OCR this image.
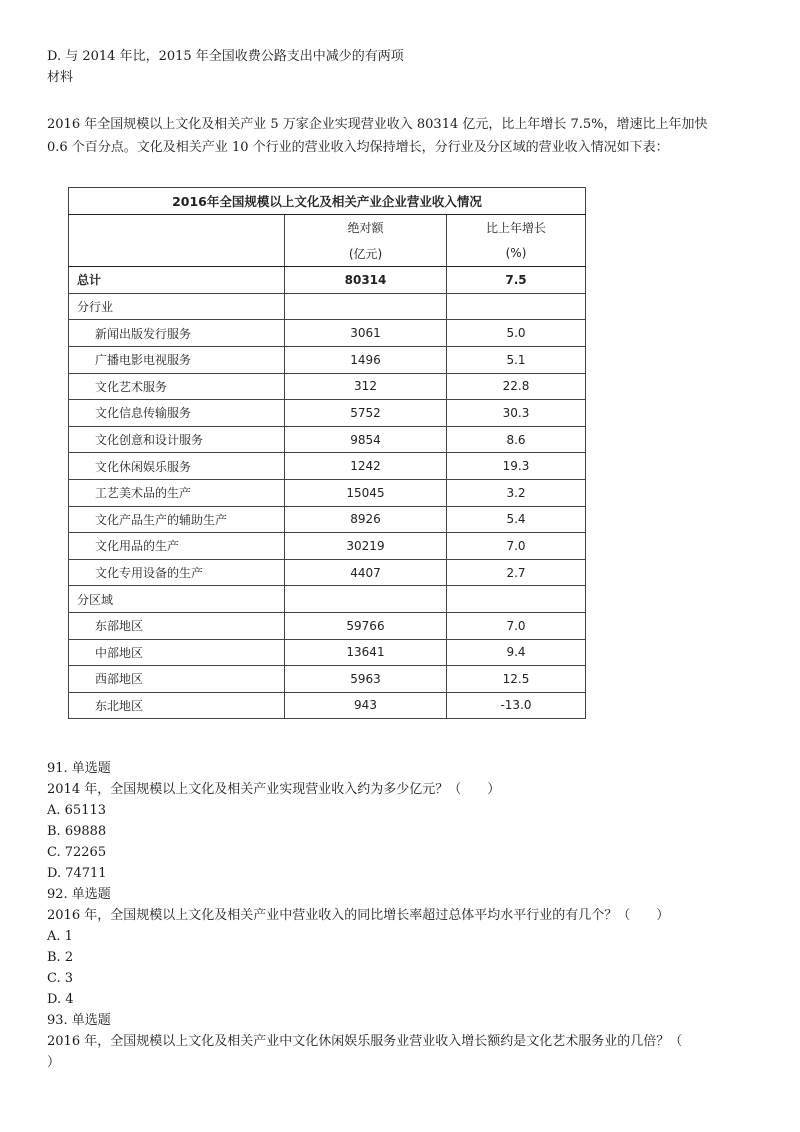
D. 与 2014 年比，2015 年全国收费公路支出中减少的有两项
材料
2016 年全国规模以上文化及相关产业 5 万家企业实现营业收入 80314 亿元，比上年增长 7.5%，增速比上年加快
0.6 个百分点。文化及相关产业 10 个行业的营业收入均保持增长，分行业及分区域的营业收入情况如下表：
2016年全国规模以上文化及相关产业企业营业收入情况		
	绝对额	比上年增长
	(亿元)	(%)
总计	80314	7.5
分行业		
新闻出版发行服务	3061	5.0
广播电影电视服务	1496	5.1
文化艺术服务	312	22.8
文化信息传输服务	5752	30.3
文化创意和设计服务	9854	8.6
文化休闲娱乐服务	1242	19.3
工艺美术品的生产	15045	3.2
文化产品生产的辅助生产	8926	5.4
文化用品的生产	30219	7.0
文化专用设备的生产	4407	2.7
分区域		
东部地区	59766	7.0
中部地区	13641	9.4
西部地区	5963	12.5
东北地区	943	-13.0
91. 单选题
2014 年，全国规模以上文化及相关产业实现营业收入约为多少亿元？（　　）
A. 65113
B. 69888
C. 72265
D. 74711
92. 单选题
2016 年，全国规模以上文化及相关产业中营业收入的同比增长率超过总体平均水平行业的有几个？（　　）
A. 1
B. 2
C. 3
D. 4
93. 单选题
2016 年，全国规模以上文化及相关产业中文化休闲娱乐服务业营业收入增长额约是文化艺术服务业的几倍？（
）
